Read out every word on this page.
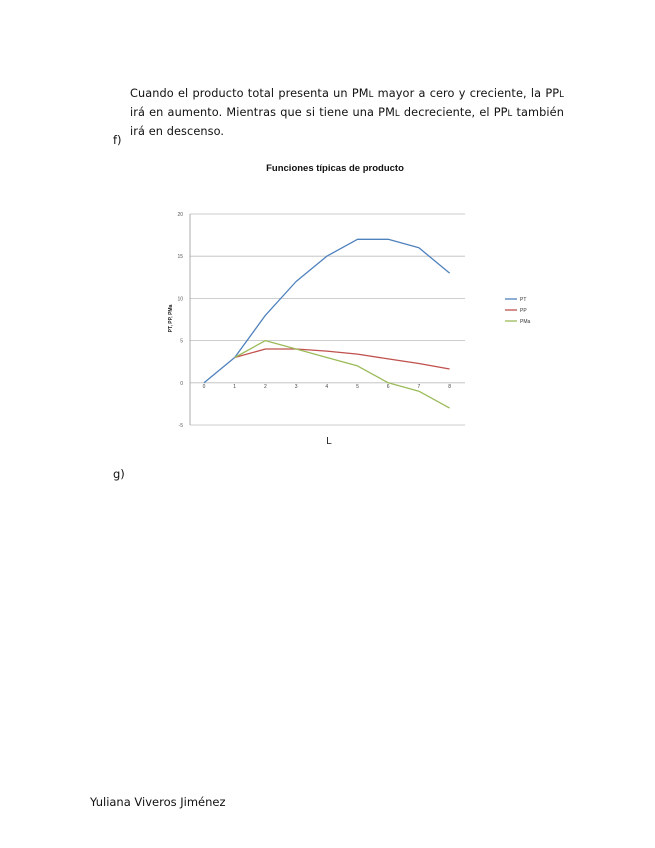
Cuando el producto total presenta un PML mayor a cero y creciente, la PPL irá en aumento. Mientras que si tiene una PML decreciente, el PPL también irá en descenso.

f)
Funciones típicas de producto
-5
0
5
10
15
20
0	1	2	3	4	5	6	7	8
PT, PP, PMa
L
PT
PP
PMa
g)
Yuliana Viveros Jiménez
